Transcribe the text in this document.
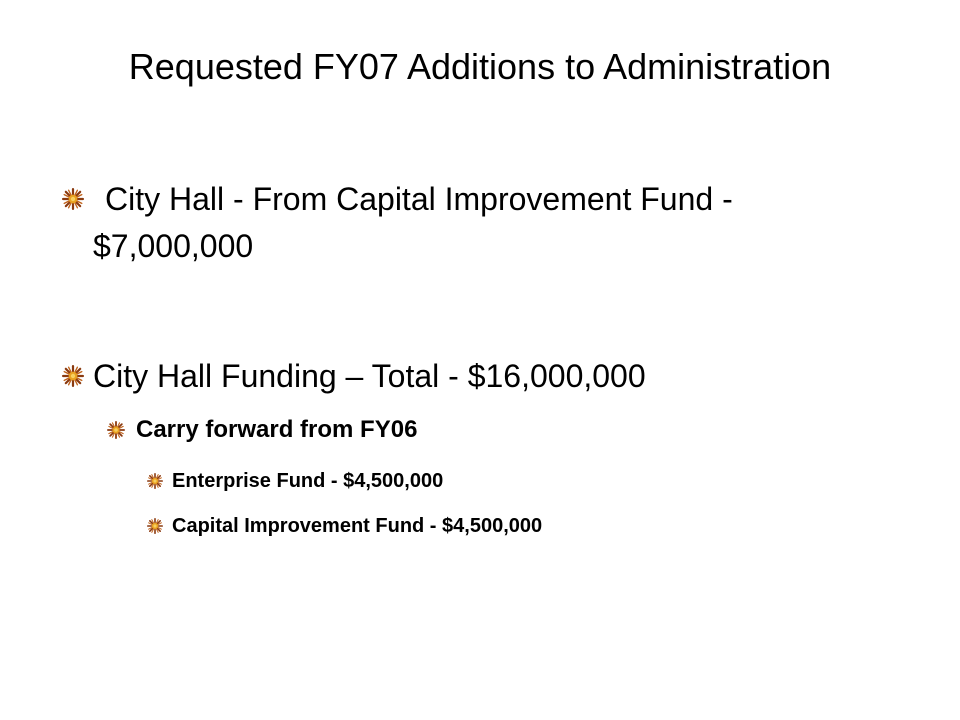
Requested FY07 Additions to Administration
City Hall - From Capital Improvement Fund - $7,000,000
City Hall Funding – Total - $16,000,000
Carry forward from FY06
Enterprise Fund - $4,500,000
Capital Improvement Fund - $4,500,000
